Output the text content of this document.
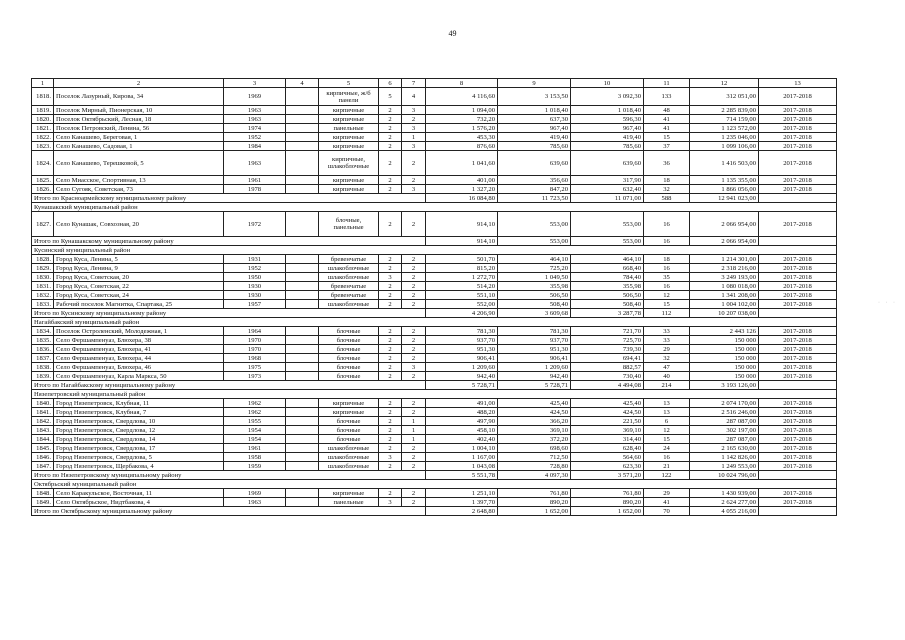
49
1	2	3	4	5	6	7	8	9	10	11	12	13
1818.	Поселок Лазурный, Кирова, 34	1969		кирпичные, ж/б панели	5	4	4 116,60	3 153,50	3 092,30	133	312 051,00	2017-2018
1819.	Поселок Мирный, Пионерская, 10	1963		кирпичные	2	3	1 094,00	1 018,40	1 018,40	48	2 285 839,00	2017-2018
1820.	Поселок Октябрьский, Лесная, 18	1963		кирпичные	2	2	732,20	637,30	596,30	41	714 159,00	2017-2018
1821.	Поселок Петровский, Ленина, 56	1974		панельные	2	3	1 576,20	967,40	967,40	41	1 123 572,00	2017-2018
1822.	Село Канашево, Береговая, 1	1952		кирпичные	2	1	453,30	419,40	419,40	15	1 235 046,00	2017-2018
1823.	Село Канашево, Садовая, 1	1984		кирпичные	2	3	876,60	785,60	785,60	37	1 099 106,00	2017-2018
1824.	Село Канашево, Терешковой, 5	1963		кирпичные, шлакоблочные	2	2	1 041,60	639,60	639,60	36	1 416 503,00	2017-2018
1825.	Село Миасское, Спортивная, 13	1961		кирпичные	2	2	401,00	356,60	317,90	18	1 135 355,00	2017-2018
1826.	Село Сугояк, Советская, 73	1978		кирпичные	2	3	1 327,20	847,20	632,40	32	1 866 056,00	2017-2018
Итого по Красноармейскому муниципальному району							16 084,80	11 723,50	11 071,00	588	12 941 023,00	
Кунашакский муниципальный район												
1827.	Село Кунашак, Совхозная, 20	1972		блочные, панельные	2	2	914,10	553,00	553,00	16	2 066 954,00	2017-2018
Итого по Кунашакскому муниципальному району							914,10	553,00	553,00	16	2 066 954,00	
Кусинский муниципальный район												
1828.	Город Куса, Ленина, 5	1931		бревенчатые	2	2	501,70	464,10	464,10	18	1 214 301,00	2017-2018
1829.	Город Куса, Ленина, 9	1952		шлакоблочные	2	2	815,20	725,20	668,40	16	2 318 216,00	2017-2018
1830.	Город Куса, Советская, 20	1950		шлакоблочные	3	2	1 272,70	1 049,50	784,40	35	3 249 193,00	2017-2018
1831.	Город Куса, Советская, 22	1930		бревенчатые	2	2	514,20	355,98	355,98	16	1 080 018,00	2017-2018
1832.	Город Куса, Советская, 24	1930		бревенчатые	2	2	551,10	506,50	506,50	12	1 341 208,00	2017-2018
1833.	Рабочий поселок Магнитка, Спартака, 25	1957		шлакоблочные	2	2	552,00	508,40	508,40	15	1 004 102,00	2017-2018
Итого по Кусинскому муниципальному району							4 206,90	3 609,68	3 287,78	112	10 207 038,00	
Нагайбакский муниципальный район												
1834.	Поселок Остроленский, Молодежная, 1	1964		блочные	2	2	781,30	781,30	721,70	33	2 443 126	2017-2018
1835.	Село Фершампенуаз, Блюхера, 38	1970		блочные	2	2	937,70	937,70	725,70	33	150 000	2017-2018
1836.	Село Фершампенуаз, Блюхера, 41	1970		блочные	2	2	951,30	951,30	739,30	29	150 000	2017-2018
1837.	Село Фершампенуаз, Блюхера, 44	1968		блочные	2	2	906,41	906,41	694,41	32	150 000	2017-2018
1838.	Село Фершампенуаз, Блюхера, 46	1975		блочные	2	3	1 209,60	1 209,60	882,57	47	150 000	2017-2018
1839.	Село Фершампенуаз, Карла Маркса, 50	1973		блочные	2	2	942,40	942,40	730,40	40	150 000	2017-2018
Итого по Нагайбакскому муниципальному району							5 728,71	5 728,71	4 494,08	214	3 193 126,00	
Нязепетровский муниципальный район												
1840.	Город Нязепетровск, Клубная, 11	1962		кирпичные	2	2	491,00	425,40	425,40	13	2 074 170,00	2017-2018
1841.	Город Нязепетровск, Клубная, 7	1962		кирпичные	2	2	488,20	424,50	424,50	13	2 516 246,00	2017-2018
1842.	Город Нязепетровск, Свердлова, 10	1955		блочные	2	1	497,90	366,20	221,50	6	287 087,00	2017-2018
1843.	Город Нязепетровск, Свердлова, 12	1954		блочные	2	1	458,10	369,10	369,10	12	302 197,00	2017-2018
1844.	Город Нязепетровск, Свердлова, 14	1954		блочные	2	1	402,40	372,20	314,40	15	287 087,00	2017-2018
1845.	Город Нязепетровск, Свердлова, 17	1961		шлакоблочные	2	2	1 004,10	698,60	628,40	24	2 165 630,00	2017-2018
1846.	Город Нязепетровск, Свердлова, 5	1958		шлакоблочные	3	2	1 167,00	712,50	564,60	16	1 142 826,00	2017-2018
1847.	Город Нязепетровск, Щербакова, 4	1959		шлакоблочные	2	2	1 043,08	728,80	623,30	21	1 249 553,00	2017-2018
Итого по Нязепетровскому муниципальному району							5 551,78	4 097,30	3 571,20	122	10 024 796,00	
Октябрьский муниципальный район												
1848.	Село Каракульское, Восточная, 11	1969		кирпичные	2	2	1 251,10	761,80	761,80	29	1 430 939,00	2017-2018
1849.	Село Октябрьское, Нидтбакова, 4	1963		панельные	3	2	1 397,70	890,20	890,20	41	2 624 277,00	2017-2018
Итого по Октябрьскому муниципальному району							2 648,80	1 652,00	1 652,00	70	4 055 216,00	
· · ·
